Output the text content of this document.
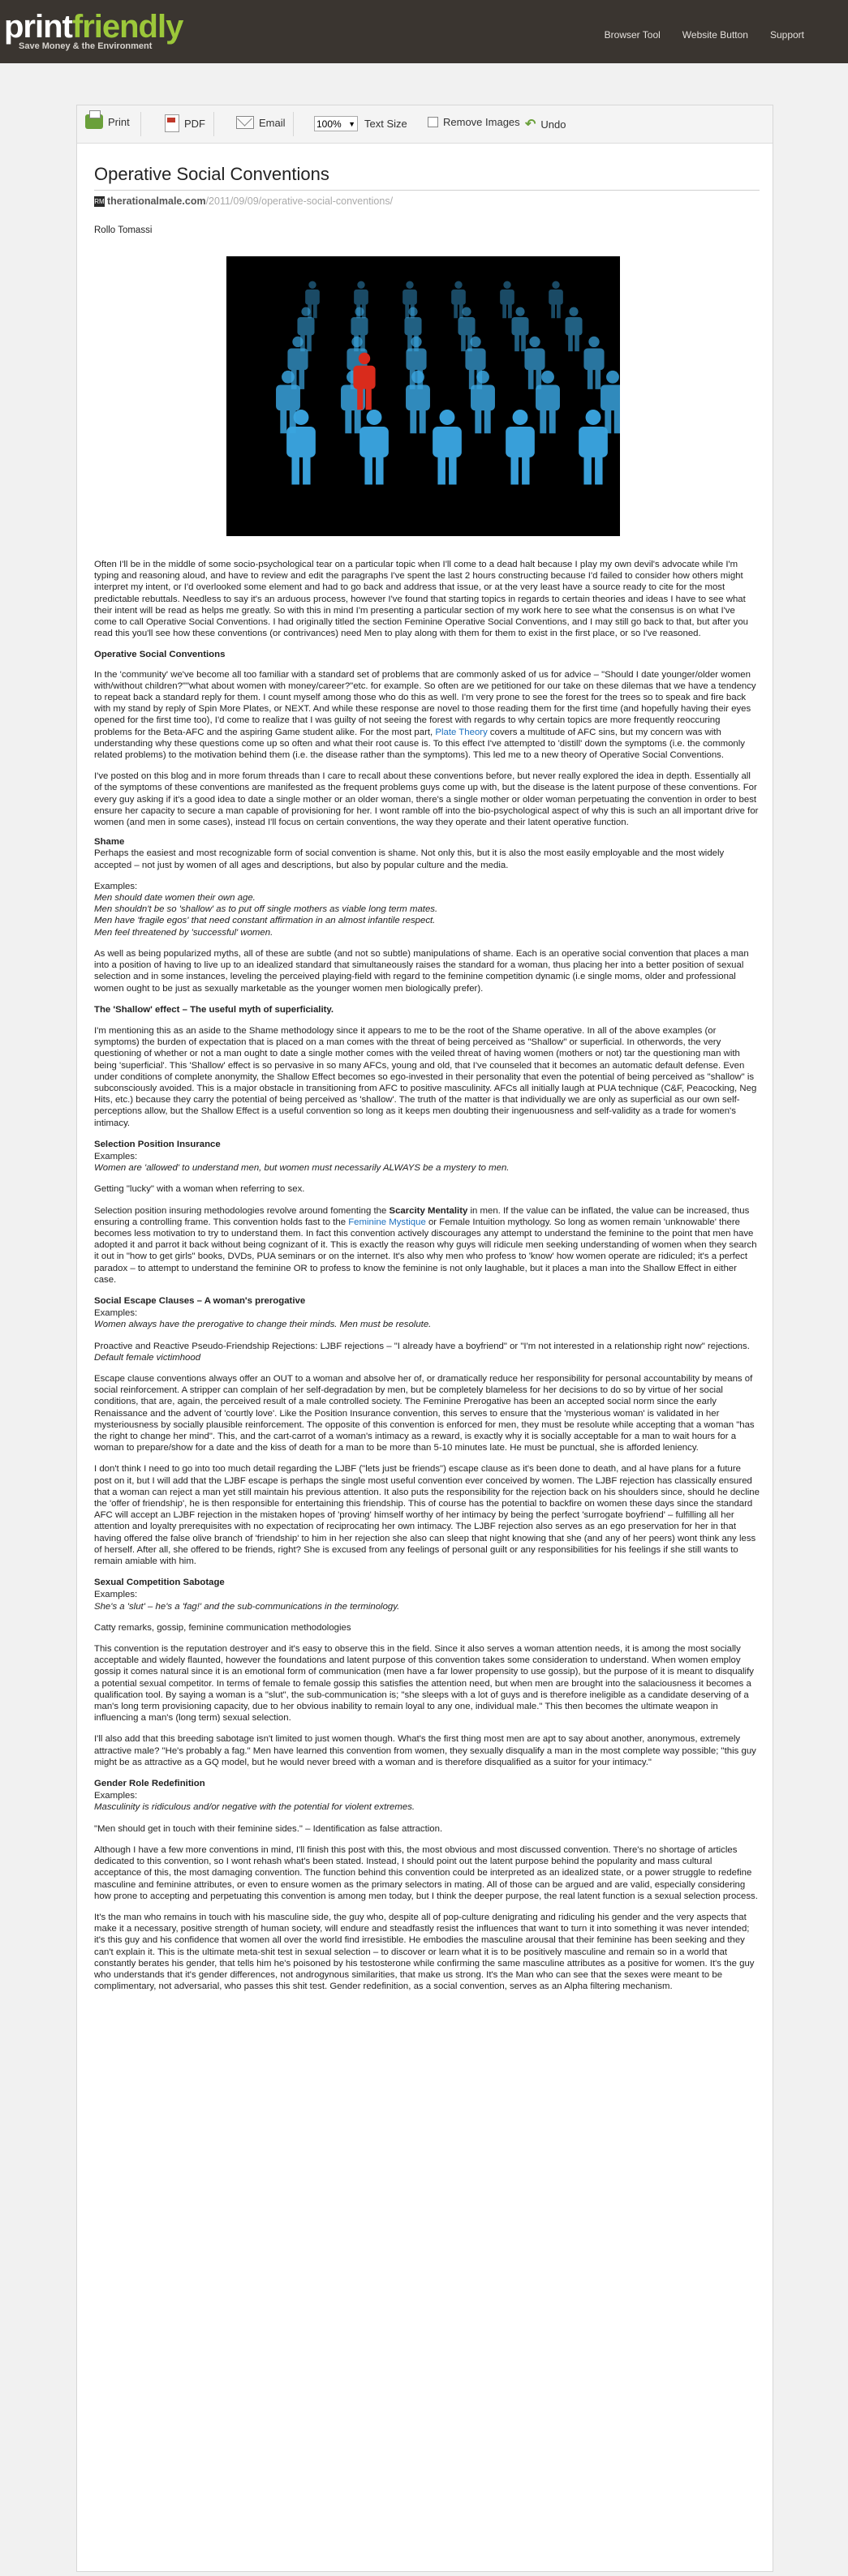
printfriendly
Save Money & the Environment
Browser Tool Website Button Support
Print	PDF	Email	100% ▼ Text Size	Remove Images ↶ Undo
Operative Social Conventions
RM therationalmale.com /2011/09/09/operative-social-conventions/
Rollo Tomassi

Often I'll be in the middle of some socio-psychological tear on a particular topic when I'll come to a dead halt because I play my own devil's advocate while I'm typing and reasoning aloud, and have to review and edit the paragraphs I've spent the last 2 hours constructing because I'd failed to consider how others might interpret my intent, or I'd overlooked some element and had to go back and address that issue, or at the very least have a source ready to cite for the most predictable rebuttals. Needless to say it's an arduous process, however I've found that starting topics in regards to certain theories and ideas I have to see what their intent will be read as helps me greatly. So with this in mind I'm presenting a particular section of my work here to see what the consensus is on what I've come to call Operative Social Conventions. I had originally titled the section Feminine Operative Social Conventions, and I may still go back to that, but after you read this you'll see how these conventions (or contrivances) need Men to play along with them for them to exist in the first place, or so I've reasoned.

Operative Social Conventions

In the 'community' we've become all too familiar with a standard set of problems that are commonly asked of us for advice – "Should I date younger/older women with/without children?""what about women with money/career?"etc. for example. So often are we petitioned for our take on these dilemas that we have a tendency to repeat back a standard reply for them. I count myself among those who do this as well. I'm very prone to see the forest for the trees so to speak and fire back with my stand by reply of Spin More Plates, or NEXT. And while these response are novel to those reading them for the first time (and hopefully having their eyes opened for the first time too), I'd come to realize that I was guilty of not seeing the forest with regards to why certain topics are more frequently reoccuring problems for the Beta-AFC and the aspiring Game student alike. For the most part, Plate Theory covers a multitude of AFC sins, but my concern was with understanding why these questions come up so often and what their root cause is. To this effect I've attempted to 'distill' down the symptoms (i.e. the commonly related problems) to the motivation behind them (i.e. the disease rather than the symptoms). This led me to a new theory of Operative Social Conventions.

I've posted on this blog and in more forum threads than I care to recall about these conventions before, but never really explored the idea in depth. Essentially all of the symptoms of these conventions are manifested as the frequent problems guys come up with, but the disease is the latent purpose of these conventions. For every guy asking if it's a good idea to date a single mother or an older woman, there's a single mother or older woman perpetuating the convention in order to best ensure her capacity to secure a man capable of provisioning for her. I wont ramble off into the bio-psychological aspect of why this is such an all important drive for women (and men in some cases), instead I'll focus on certain conventions, the way they operate and their latent operative function.

Shame

Perhaps the easiest and most recognizable form of social convention is shame. Not only this, but it is also the most easily employable and the most widely accepted – not just by women of all ages and descriptions, but also by popular culture and the media.

Examples:
Men should date women their own age.
Men shouldn't be so 'shallow' as to put off single mothers as viable long term mates.
Men have 'fragile egos' that need constant affirmation in an almost infantile respect.
Men feel threatened by 'successful' women.

As well as being popularized myths, all of these are subtle (and not so subtle) manipulations of shame. Each is an operative social convention that places a man into a position of having to live up to an idealized standard that simultaneously raises the standard for a woman, thus placing her into a better position of sexual selection and in some instances, leveling the perceived playing-field with regard to the feminine competition dynamic (i.e single moms, older and professional women ought to be just as sexually marketable as the younger women men biologically prefer).

The 'Shallow' effect – The useful myth of superficiality.

I'm mentioning this as an aside to the Shame methodology since it appears to me to be the root of the Shame operative. In all of the above examples (or symptoms) the burden of expectation that is placed on a man comes with the threat of being perceived as "Shallow" or superficial. In otherwords, the very questioning of whether or not a man ought to date a single mother comes with the veiled threat of having women (mothers or not) tar the questioning man with being 'superficial'. This 'Shallow' effect is so pervasive in so many AFCs, young and old, that I've counseled that it becomes an automatic default defense. Even under conditions of complete anonymity, the Shallow Effect becomes so ego-invested in their personality that even the potential of being perceived as "shallow" is subconsciously avoided. This is a major obstacle in transitioning from AFC to positive masculinity. AFCs all initially laugh at PUA technique (C&F, Peacocking, Neg Hits, etc.) because they carry the potential of being perceived as 'shallow'. The truth of the matter is that individually we are only as superficial as our own self-perceptions allow, but the Shallow Effect is a useful convention so long as it keeps men doubting their ingenuousness and self-validity as a trade for women's intimacy.

Selection Position Insurance
Examples:
Women are 'allowed' to understand men, but women must necessarily ALWAYS be a mystery to men.

Getting "lucky" with a woman when referring to sex.

Selection position insuring methodologies revolve around fomenting the Scarcity Mentality in men. If the value can be inflated, the value can be increased, thus ensuring a controlling frame. This convention holds fast to the Feminine Mystique or Female Intuition mythology. So long as women remain 'unknowable' there becomes less motivation to try to understand them. In fact this convention actively discourages any attempt to understand the feminine to the point that men have adopted it and parrot it back without being cognizant of it. This is exactly the reason why guys will ridicule men seeking understanding of women when they search it out in "how to get girls" books, DVDs, PUA seminars or on the internet. It's also why men who profess to 'know' how women operate are ridiculed; it's a perfect paradox – to attempt to understand the feminine OR to profess to know the feminine is not only laughable, but it places a man into the Shallow Effect in either case.

Social Escape Clauses – A woman's prerogative
Examples:
Women always have the prerogative to change their minds. Men must be resolute.

Proactive and Reactive Pseudo-Friendship Rejections: LJBF rejections – "I already have a boyfriend" or "I'm not interested in a relationship right now" rejections.

Default female victimhood

Escape clause conventions always offer an OUT to a woman and absolve her of, or dramatically reduce her responsibility for personal accountability by means of social reinforcement. A stripper can complain of her self-degradation by men, but be completely blameless for her decisions to do so by virtue of her social conditions, that are, again, the perceived result of a male controlled society. The Feminine Prerogative has been an accepted social norm since the early Renaissance and the advent of 'courtly love'. Like the Position Insurance convention, this serves to ensure that the 'mysterious woman' is validated in her mysteriousness by socially plausible reinforcement. The opposite of this convention is enforced for men, they must be resolute while accepting that a woman "has the right to change her mind". This, and the cart-carrot of a woman's intimacy as a reward, is exactly why it is socially acceptable for a man to wait hours for a woman to prepare/show for a date and the kiss of death for a man to be more than 5-10 minutes late. He must be punctual, she is afforded leniency.

I don't think I need to go into too much detail regarding the LJBF ("lets just be friends") escape clause as it's been done to death, and al have plans for a future post on it, but I will add that the LJBF escape is perhaps the single most useful convention ever conceived by women. The LJBF rejection has classically ensured that a woman can reject a man yet still maintain his previous attention. It also puts the responsibility for the rejection back on his shoulders since, should he decline the 'offer of friendship', he is then responsible for entertaining this friendship. This of course has the potential to backfire on women these days since the standard AFC will accept an LJBF rejection in the mistaken hopes of 'proving' himself worthy of her intimacy by being the perfect 'surrogate boyfriend' – fulfilling all her attention and loyalty prerequisites with no expectation of reciprocating her own intimacy. The LJBF rejection also serves as an ego preservation for her in that having offered the false olive branch of 'friendship' to him in her rejection she also can sleep that night knowing that she (and any of her peers) wont think any less of herself. After all, she offered to be friends, right? She is excused from any feelings of personal guilt or any responsibilities for his feelings if she still wants to remain amiable with him.

Sexual Competition Sabotage
Examples:
She's a 'slut' – he's a 'fag!' and the sub-communications in the terminology.

Catty remarks, gossip, feminine communication methodologies

This convention is the reputation destroyer and it's easy to observe this in the field. Since it also serves a woman attention needs, it is among the most socially acceptable and widely flaunted, however the foundations and latent purpose of this convention takes some consideration to understand. When women employ gossip it comes natural since it is an emotional form of communication (men have a far lower propensity to use gossip), but the purpose of it is meant to disqualify a potential sexual competitor. In terms of female to female gossip this satisfies the attention need, but when men are brought into the salaciousness it becomes a qualification tool. By saying a woman is a "slut", the sub-communication is; "she sleeps with a lot of guys and is therefore ineligible as a candidate deserving of a man's long term provisioning capacity, due to her obvious inability to remain loyal to any one, individual male." This then becomes the ultimate weapon in influencing a man's (long term) sexual selection.

I'll also add that this breeding sabotage isn't limited to just women though. What's the first thing most men are apt to say about another, anonymous, extremely attractive male? "He's probably a fag." Men have learned this convention from women, they sexually disqualify a man in the most complete way possible; "this guy might be as attractive as a GQ model, but he would never breed with a woman and is therefore disqualified as a suitor for your intimacy."

Gender Role Redefinition
Examples:
Masculinity is ridiculous and/or negative with the potential for violent extremes.

"Men should get in touch with their feminine sides." – Identification as false attraction.

Although I have a few more conventions in mind, I'll finish this post with this, the most obvious and most discussed convention. There's no shortage of articles dedicated to this convention, so I wont rehash what's been stated. Instead, I should point out the latent purpose behind the popularity and mass cultural acceptance of this, the most damaging convention. The function behind this convention could be interpreted as an idealized state, or a power struggle to redefine masculine and feminine attributes, or even to ensure women as the primary selectors in mating. All of those can be argued and are valid, especially considering how prone to accepting and perpetuating this convention is among men today, but I think the deeper purpose, the real latent function is a sexual selection process.

It's the man who remains in touch with his masculine side, the guy who, despite all of pop-culture denigrating and ridiculing his gender and the very aspects that make it a necessary, positive strength of human society, will endure and steadfastly resist the influences that want to turn it into something it was never intended; it's this guy and his confidence that women all over the world find irresistible. He embodies the masculine arousal that their feminine has been seeking and they can't explain it. This is the ultimate meta-shit test in sexual selection – to discover or learn what it is to be positively masculine and remain so in a world that constantly berates his gender, that tells him he's poisoned by his testosterone while confirming the same masculine attributes as a positive for women. It's the guy who understands that it's gender differences, not androgynous similarities, that make us strong. It's the Man who can see that the sexes were meant to be complimentary, not adversarial, who passes this shit test. Gender redefinition, as a social convention, serves as an Alpha filtering mechanism.
